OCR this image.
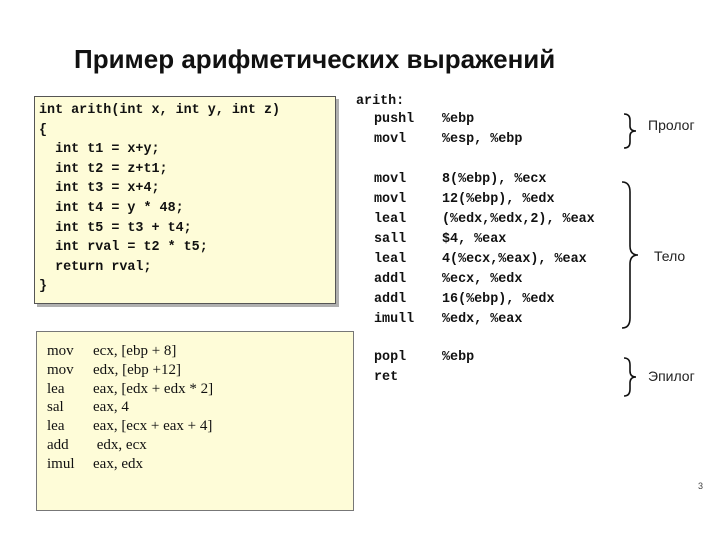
Пример арифметических выражений
int arith(int x, int y, int z)
{
int t1 = x+y;
int t2 = z+t1;
int t3 = x+4;
int t4 = y * 48;
int t5 = t3 + t4;
int rval = t2 * t5;
return rval;
}
mov ecx, [ebp + 8]
mov edx, [ebp +12]
lea eax, [edx + edx * 2]
sal eax, 4
lea eax, [ecx + eax + 4]
add edx, ecx
imul eax, edx
arith:
pushl %ebp
movl	%esp, %ebp
movl	8(%ebp), %ecx
movl	12(%ebp), %edx
leal	(%edx,%edx,2), %eax
sall	$4, %eax
leal	4(%ecx,%eax), %eax
addl	%ecx, %edx
addl	16(%ebp), %edx
imull %edx, %eax
popl	%ebp
ret
Пролог
Тело
Эпилог
3
